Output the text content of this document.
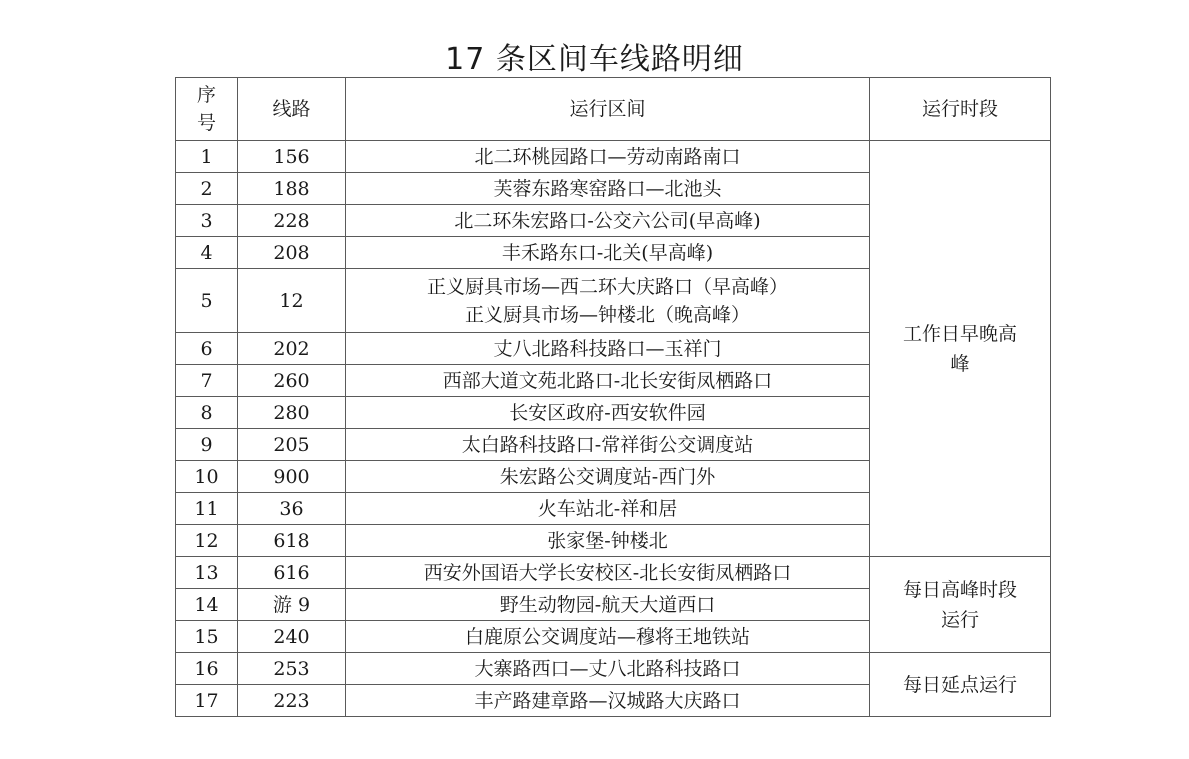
17 条区间车线路明细
序
号	线路	运行区间	运行时段
1	156	北二环桃园路口—劳动南路南口	工作日早晚高
峰

2	188	芙蓉东路寒窑路口—北池头	

3	228	北二环朱宏路口-公交六公司(早高峰)	

4	208	丰禾路东口-北关(早高峰)	

5	12	正义厨具市场—西二环大庆路口（早高峰）
正义厨具市场—钟楼北（晚高峰）	

6	202	丈八北路科技路口—玉祥门	

7	260	西部大道文苑北路口-北长安街凤栖路口	

8	280	长安区政府-西安软件园	

9	205	太白路科技路口-常祥街公交调度站	

10	900	朱宏路公交调度站-西门外	

11	36	火车站北-祥和居	

12	618	张家堡-钟楼北	

13	616	西安外国语大学长安校区-北长安街凤栖路口	每日高峰时段
运行

14	游 9	野生动物园-航天大道西口	

15	240	白鹿原公交调度站—穆将王地铁站	

16	253	大寨路西口—丈八北路科技路口	每日延点运行

17	223	丰产路建章路—汉城路大庆路口	
